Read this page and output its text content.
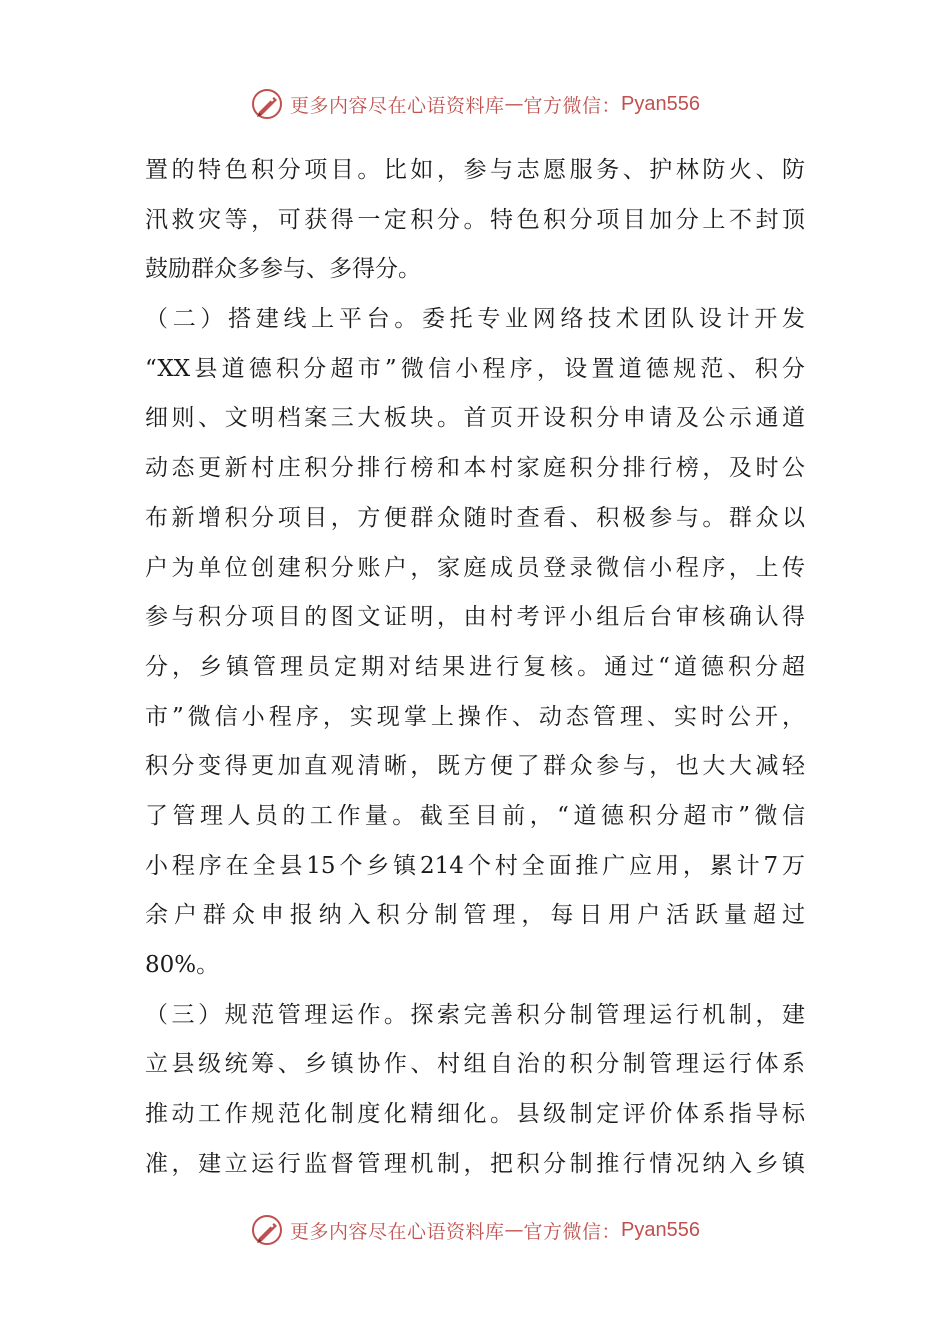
更多内容尽在心语资料库 — 官方微信： Pyan556
置的特色积分项目。比如，参与志愿服务、护林防火、防
汛救灾等，可获得一定积分。特色积分项目加分上不封顶
鼓励群众多参与、多得分。
（二）搭建线上平台。委托专业网络技术团队设计开发
“XX县道德积分超市”微信小程序，设置道德规范、积分
细则、文明档案三大板块。首页开设积分申请及公示通道
动态更新村庄积分排行榜和本村家庭积分排行榜，及时公
布新增积分项目，方便群众随时查看、积极参与。群众以
户为单位创建积分账户，家庭成员登录微信小程序，上传
参与积分项目的图文证明，由村考评小组后台审核确认得
分，乡镇管理员定期对结果进行复核。通过“道德积分超
市”微信小程序，实现掌上操作、动态管理、实时公开，
积分变得更加直观清晰，既方便了群众参与，也大大减轻
了管理人员的工作量。截至目前，“道德积分超市”微信
小程序在全县15个乡镇214个村全面推广应用，累计7万
余户群众申报纳入积分制管理，每日用户活跃量超过
80%。
（三）规范管理运作。探索完善积分制管理运行机制，建
立县级统筹、乡镇协作、村组自治的积分制管理运行体系
推动工作规范化制度化精细化。县级制定评价体系指导标
准，建立运行监督管理机制，把积分制推行情况纳入乡镇
更多内容尽在心语资料库 — 官方微信： Pyan556
